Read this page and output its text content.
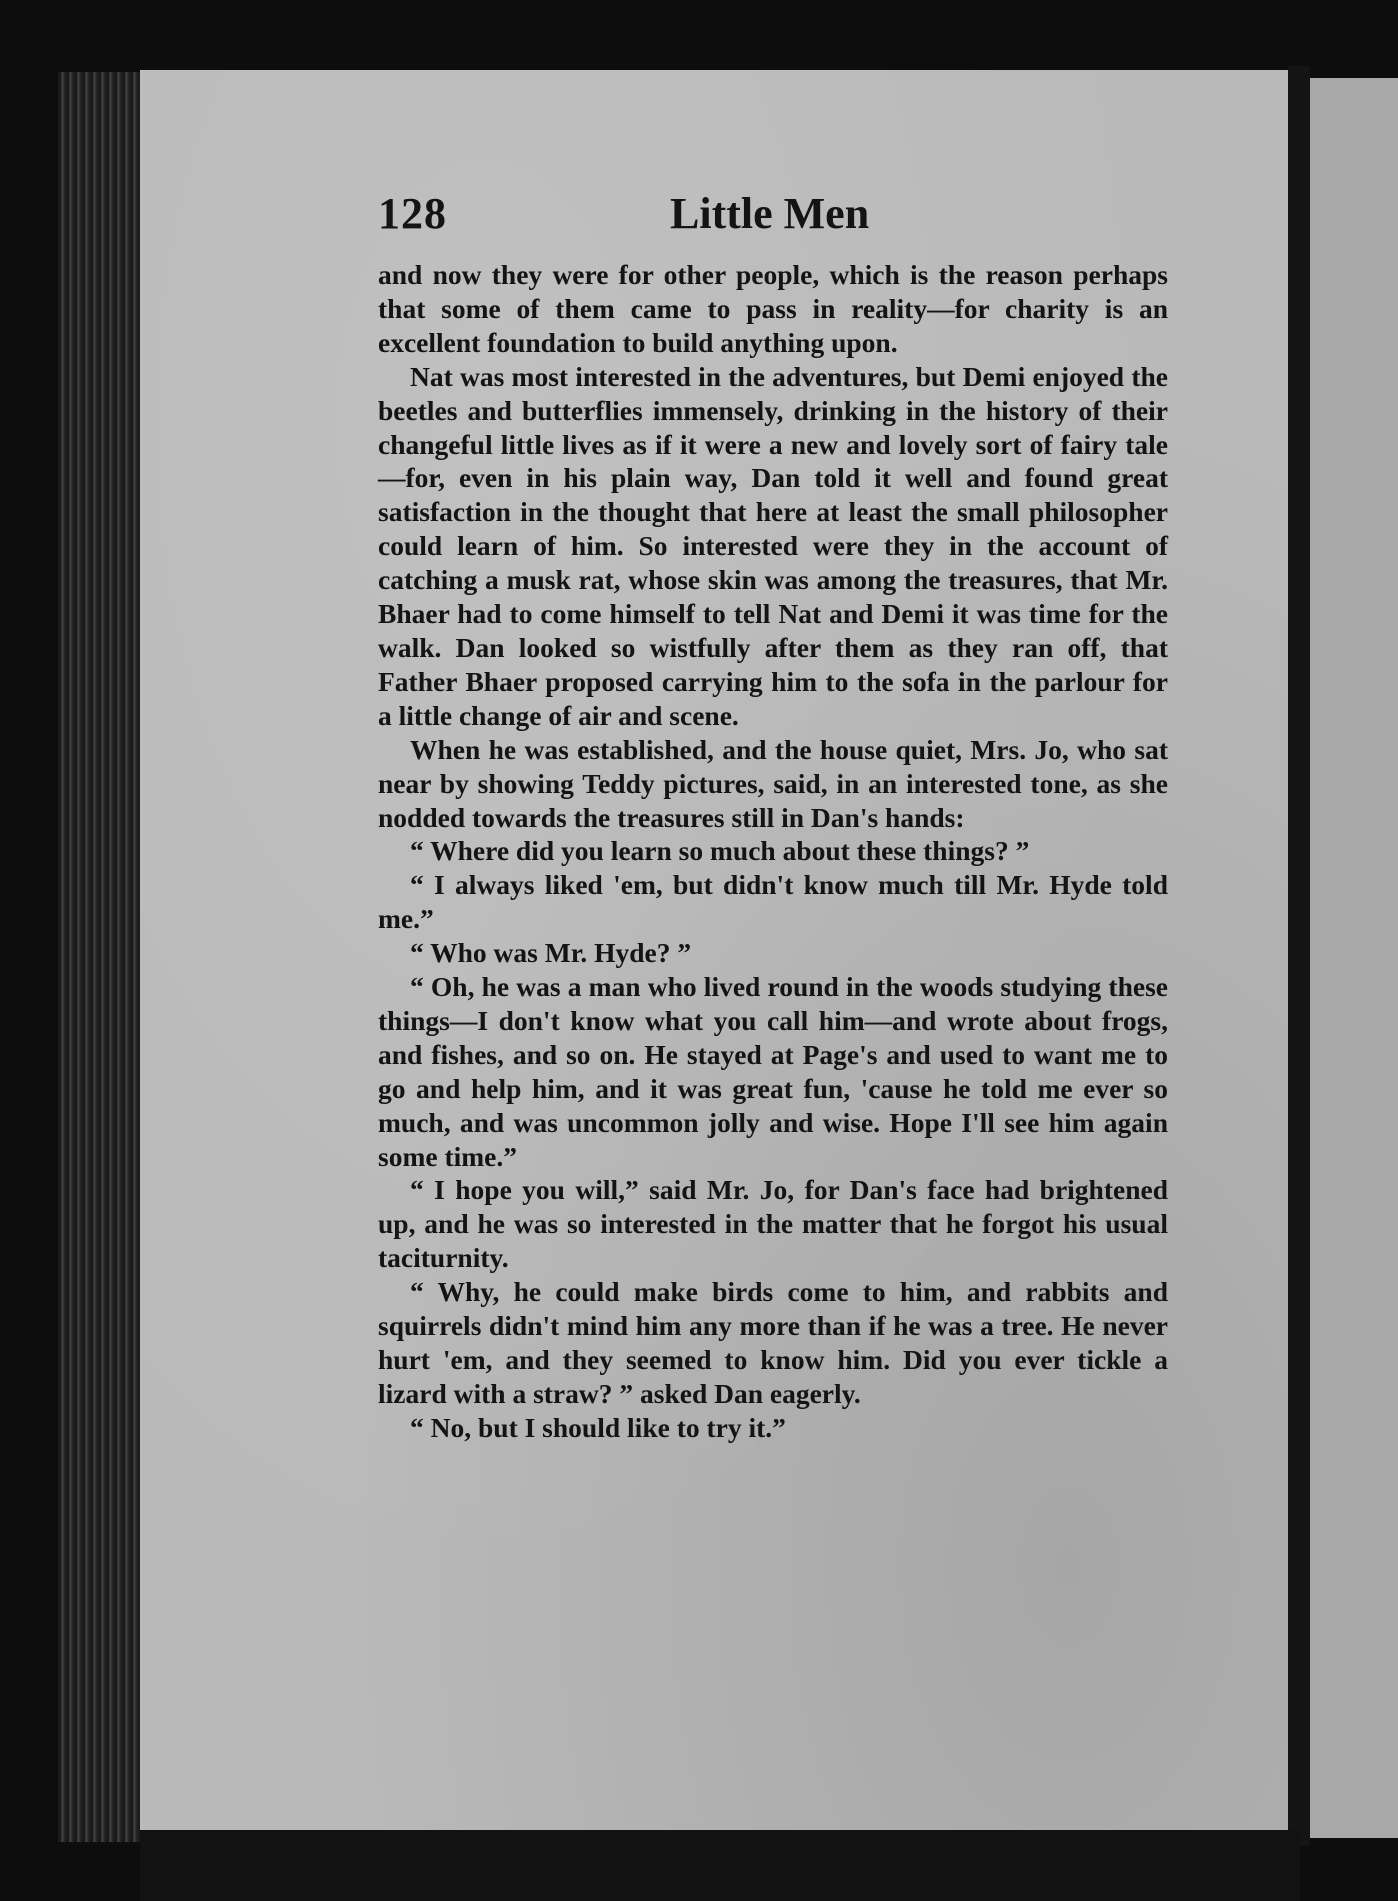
128	Little Men

and now they were for other people, which is the reason perhaps that some of them came to pass in reality—for charity is an excellent foundation to build anything upon.

Nat was most interested in the adventures, but Demi enjoyed the beetles and butterflies immensely, drinking in the history of their changeful little lives as if it were a new and lovely sort of fairy tale—for, even in his plain way, Dan told it well and found great satisfaction in the thought that here at least the small philosopher could learn of him. So interested were they in the account of catching a musk rat, whose skin was among the treasures, that Mr. Bhaer had to come himself to tell Nat and Demi it was time for the walk. Dan looked so wistfully after them as they ran off, that Father Bhaer proposed carrying him to the sofa in the parlour for a little change of air and scene.

When he was established, and the house quiet, Mrs. Jo, who sat near by showing Teddy pictures, said, in an interested tone, as she nodded towards the treasures still in Dan's hands:

“ Where did you learn so much about these things? ”

“ I always liked 'em, but didn't know much till Mr. Hyde told me.”

“ Who was Mr. Hyde? ”

“ Oh, he was a man who lived round in the woods studying these things—I don't know what you call him—and wrote about frogs, and fishes, and so on. He stayed at Page's and used to want me to go and help him, and it was great fun, 'cause he told me ever so much, and was uncommon jolly and wise. Hope I'll see him again some time.”

“ I hope you will,” said Mr. Jo, for Dan's face had brightened up, and he was so interested in the matter that he forgot his usual taciturnity.

“ Why, he could make birds come to him, and rabbits and squirrels didn't mind him any more than if he was a tree. He never hurt 'em, and they seemed to know him. Did you ever tickle a lizard with a straw? ” asked Dan eagerly.

“ No, but I should like to try it.”
